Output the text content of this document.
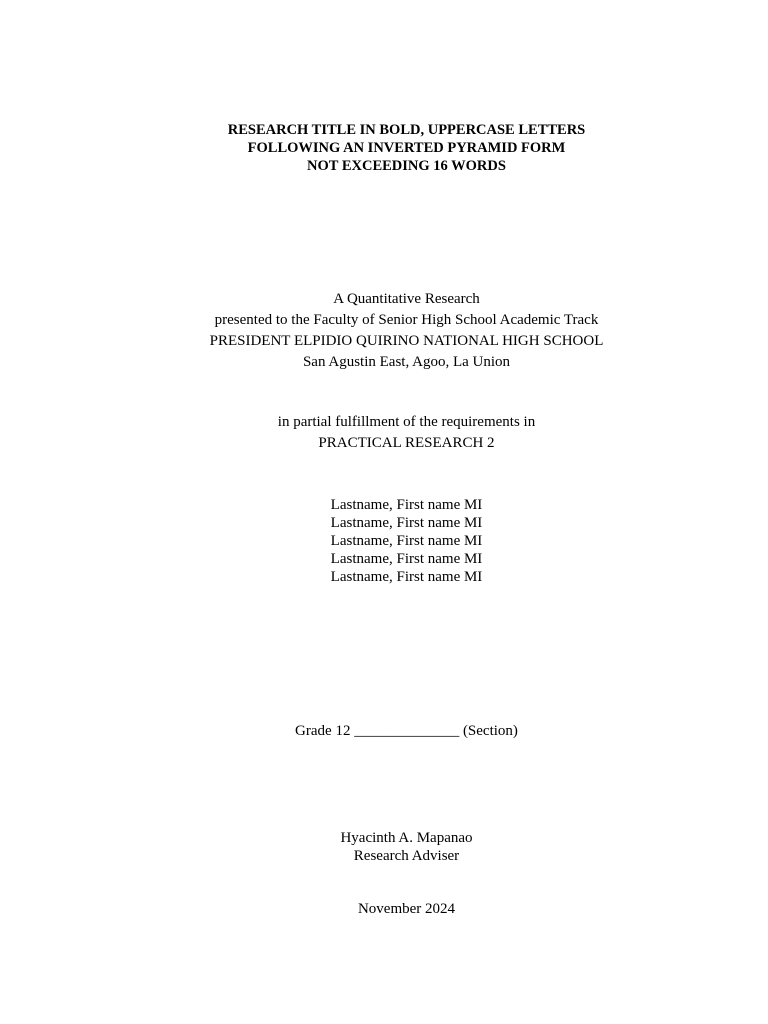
RESEARCH TITLE IN BOLD, UPPERCASE LETTERS
FOLLOWING AN INVERTED PYRAMID FORM
NOT EXCEEDING 16 WORDS
A Quantitative Research
presented to the Faculty of Senior High School Academic Track
PRESIDENT ELPIDIO QUIRINO NATIONAL HIGH SCHOOL
San Agustin East, Agoo, La Union
in partial fulfillment of the requirements in
PRACTICAL RESEARCH 2
Lastname, First name MI
Lastname, First name MI
Lastname, First name MI
Lastname, First name MI
Lastname, First name MI
Grade 12 ______________ (Section)
Hyacinth A. Mapanao
Research Adviser
November 2024
